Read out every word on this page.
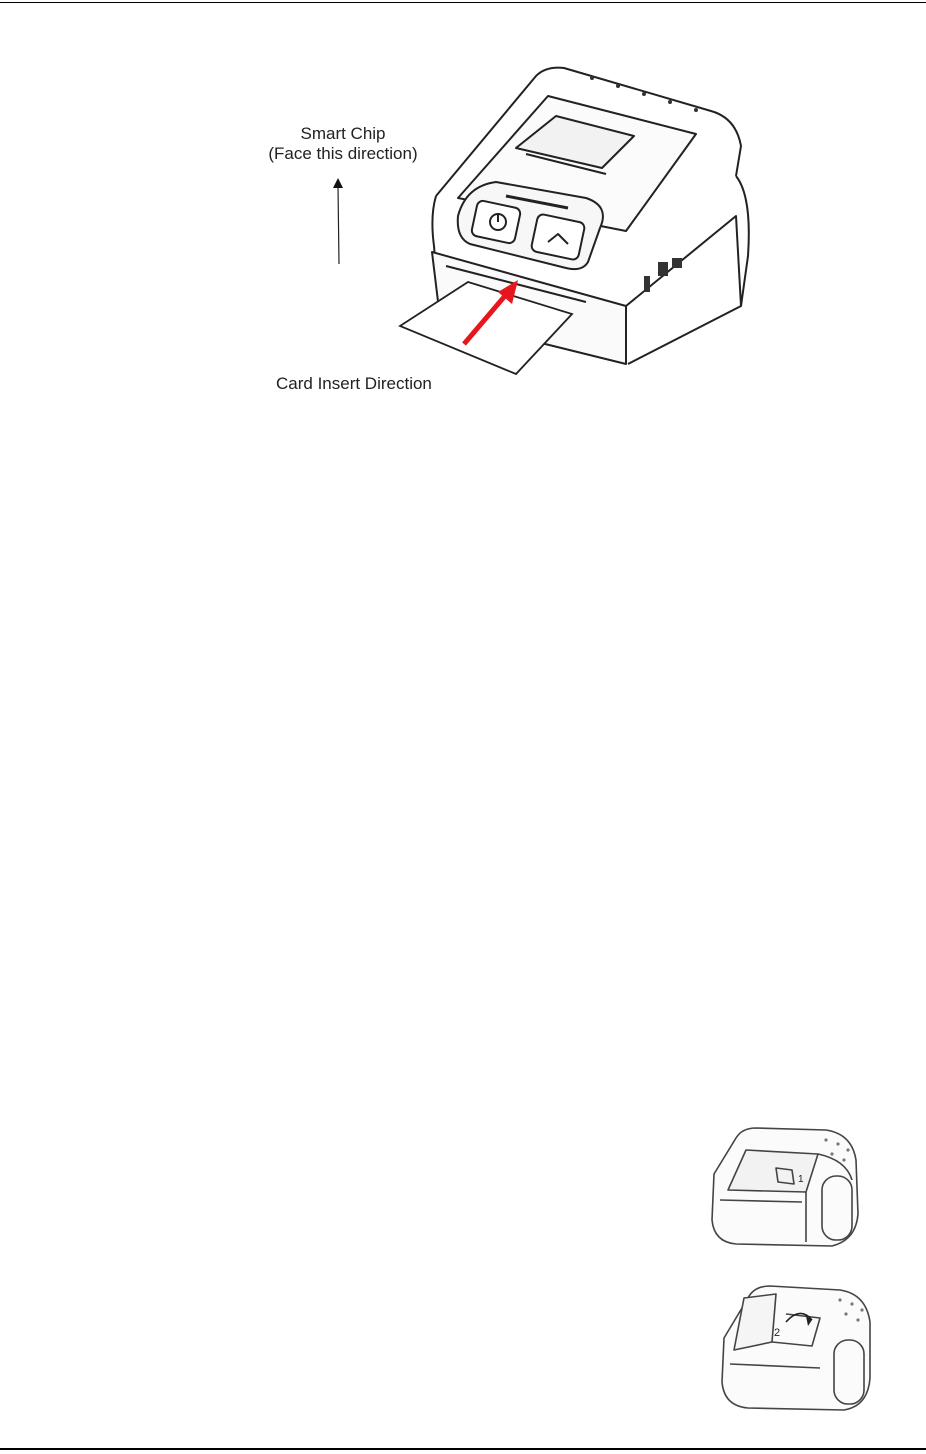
Smart Chip
(Face this direction)
Card Insert Direction
1
2
